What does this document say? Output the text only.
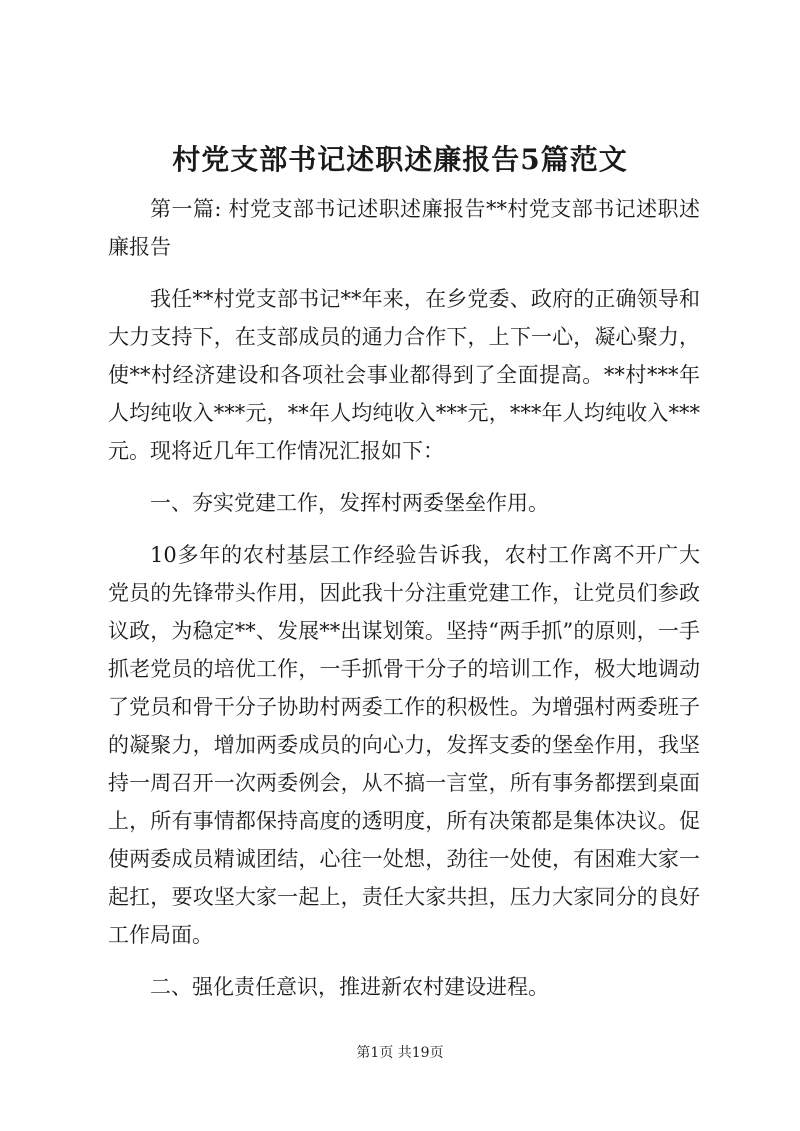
村党支部书记述职述廉报告5篇范文

第一篇: 村党支部书记述职述廉报告**村党支部书记述职述廉报告

我任**村党支部书记**年来，在乡党委、政府的正确领导和大力支持下，在支部成员的通力合作下，上下一心，凝心聚力，使**村经济建设和各项社会事业都得到了全面提高。**村***年人均纯收入***元，**年人均纯收入***元，***年人均纯收入***元。现将近几年工作情况汇报如下：

一、夯实党建工作，发挥村两委堡垒作用。

10多年的农村基层工作经验告诉我，农村工作离不开广大党员的先锋带头作用，因此我十分注重党建工作，让党员们参政议政，为稳定**、发展**出谋划策。坚持“两手抓”的原则，一手抓老党员的培优工作，一手抓骨干分子的培训工作，极大地调动了党员和骨干分子协助村两委工作的积极性。为增强村两委班子的凝聚力，增加两委成员的向心力，发挥支委的堡垒作用，我坚持一周召开一次两委例会，从不搞一言堂，所有事务都摆到桌面上，所有事情都保持高度的透明度，所有决策都是集体决议。促使两委成员精诚团结，心往一处想，劲往一处使，有困难大家一起扛，要攻坚大家一起上，责任大家共担，压力大家同分的良好工作局面。

二、强化责任意识，推进新农村建设进程。

第1页 共19页
